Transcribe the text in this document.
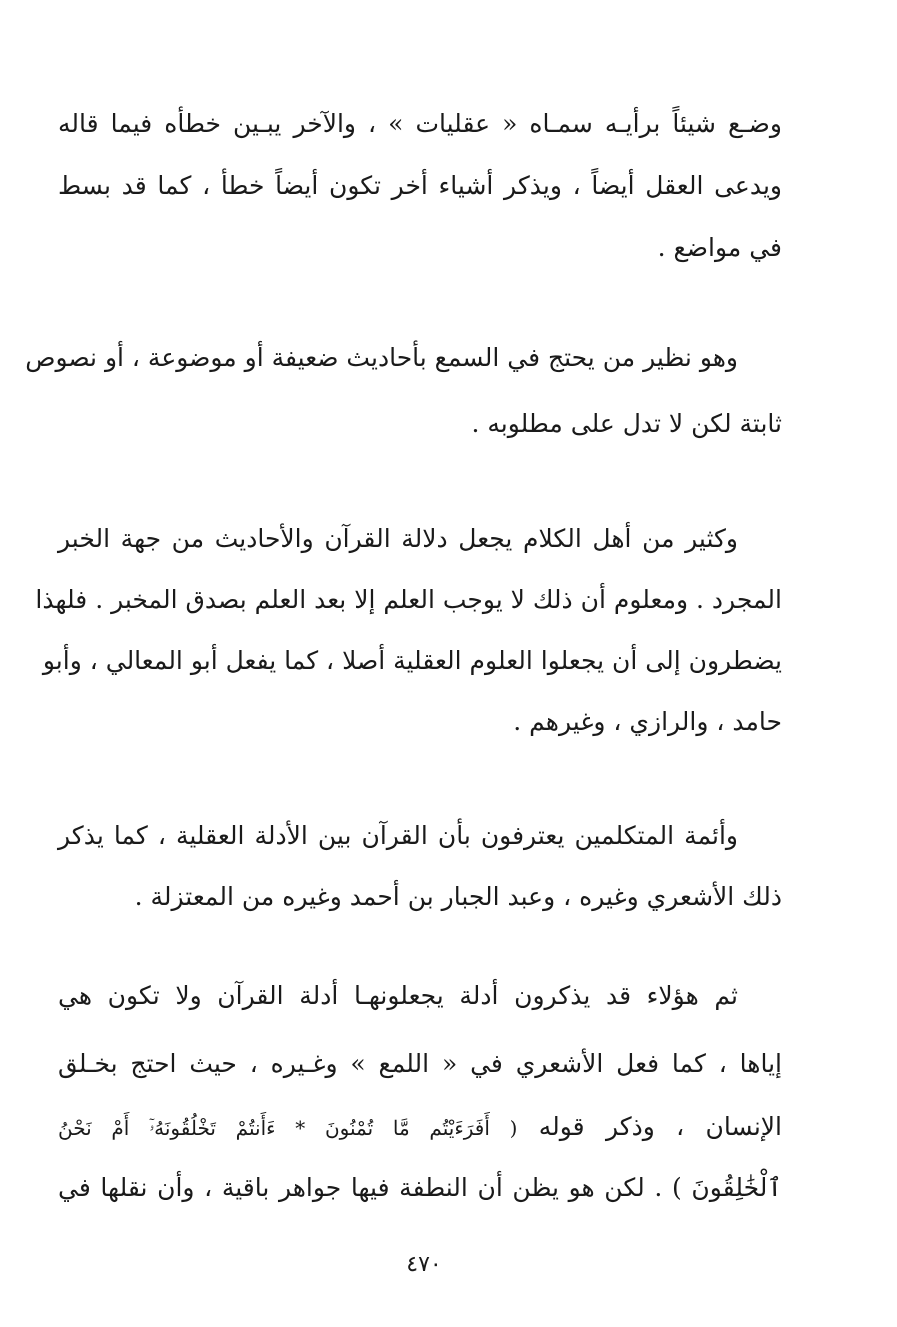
وضـع شيئاً برأيـه سمـاه « عقليات » ، والآخر يبـين خطأه فيما قاله
ويدعى العقل أيضاً ، ويذكر أشياء أخر تكون أيضاً خطأ ، كما قد بسط
في مواضع .
وهو نظير من يحتج في السمع بأحاديث ضعيفة أو موضوعة ، أو نصوص
ثابتة لكن لا تدل على مطلوبه .
وكثير من أهل الكلام يجعل دلالة القرآن والأحاديث من جهة الخبر
المجرد . ومعلوم أن ذلك لا يوجب العلم إلا بعد العلم بصدق المخبر . فلهذا
يضطرون إلى أن يجعلوا العلوم العقلية أصلا ، كما يفعل أبو المعالي ، وأبو
حامد ، والرازي ، وغيرهم .
وأئمة المتكلمين يعترفون بأن القرآن بين الأدلة العقلية ، كما يذكر
ذلك الأشعري وغيره ، وعبد الجبار بن أحمد وغيره من المعتزلة .
ثم هؤلاء قد يذكرون أدلة يجعلونهـا أدلة القرآن ولا تكون هي
إياها ، كما فعل الأشعري في « اللمع » وغـيره ، حيث احتج بخـلق
الإنسان ، وذكر قوله ( أَفَرَءَيْتُم مَّا تُمْنُونَ * ءَأَنتُمْ تَخْلُقُونَهُۥٓ أَمْ نَحْنُ
ٱلْخَٰلِقُونَ ) . لكن هو يظن أن النطفة فيها جواهر باقية ، وأن نقلها في
٤٧٠
